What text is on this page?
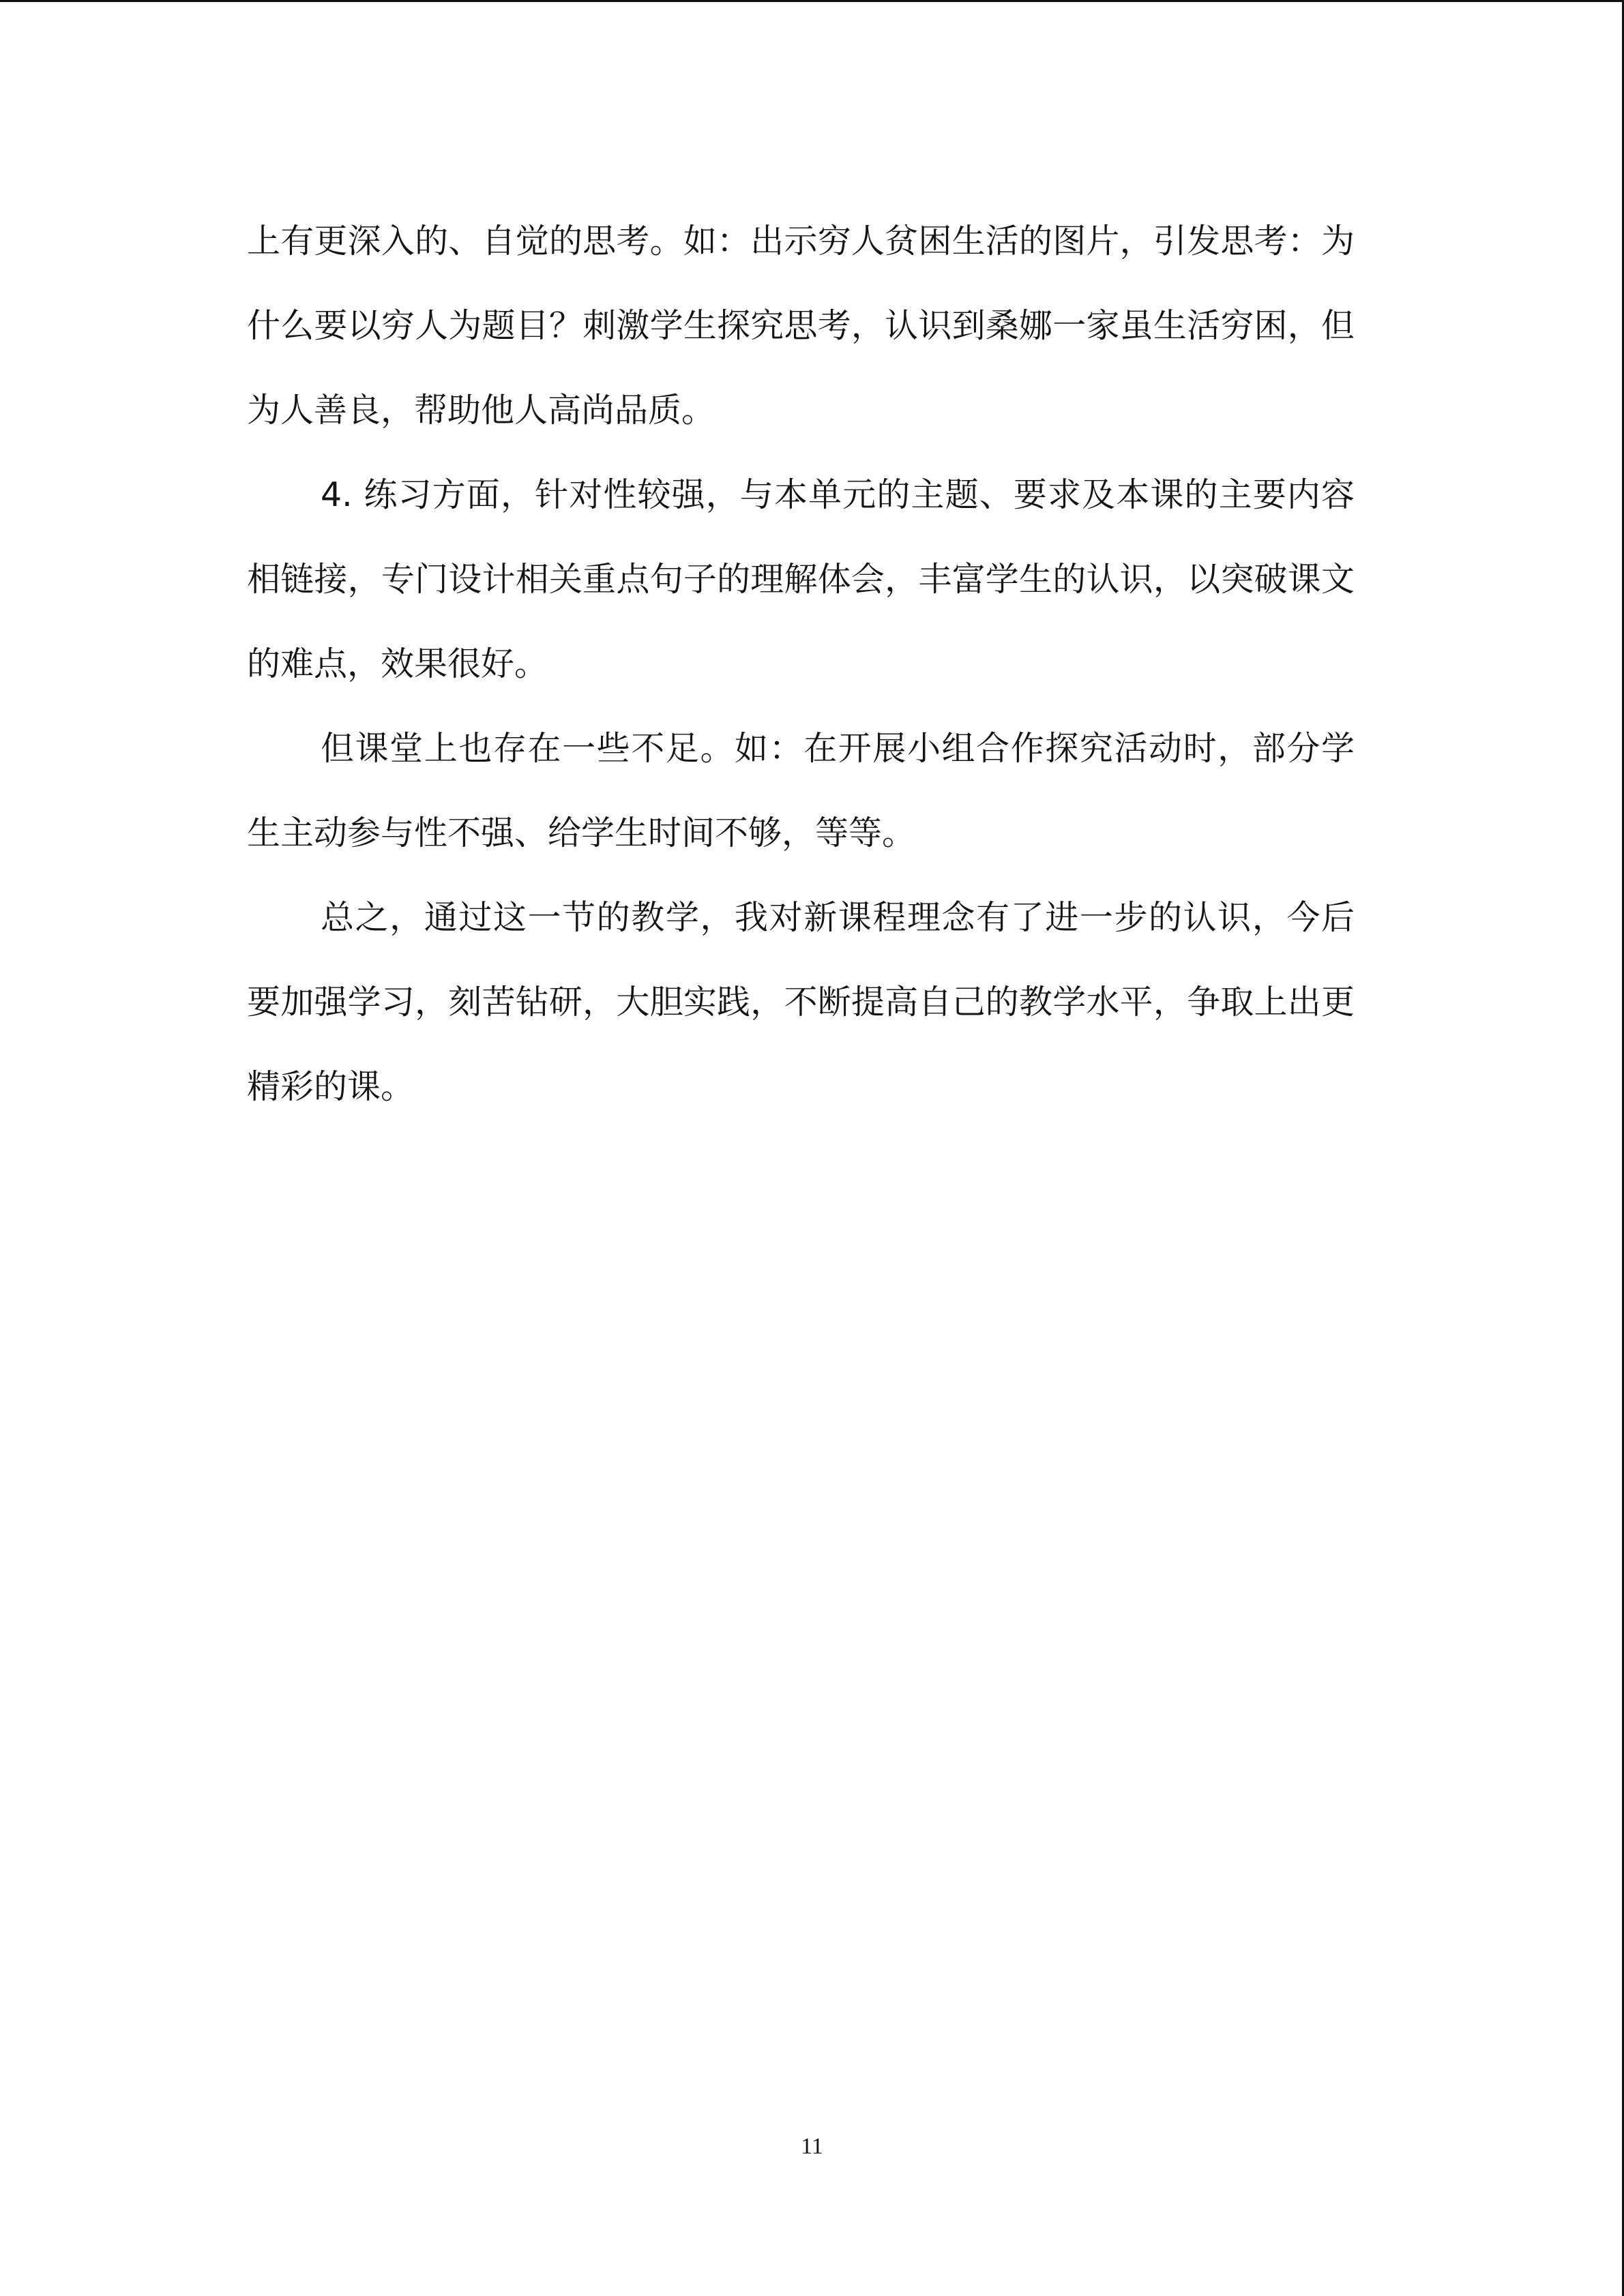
上有更深入的、自觉的思考。如：出示穷人贫困生活的图片，引发思考：为什么要以穷人为题目？刺激学生探究思考，认识到桑娜一家虽生活穷困，但为人善良，帮助他人高尚品质。

4. 练习方面，针对性较强，与本单元的主题、要求及本课的主要内容相链接，专门设计相关重点句子的理解体会，丰富学生的认识，以突破课文的难点，效果很好。

但课堂上也存在一些不足。如：在开展小组合作探究活动时，部分学生主动参与性不强、给学生时间不够，等等。

总之，通过这一节的教学，我对新课程理念有了进一步的认识，今后要加强学习，刻苦钻研，大胆实践，不断提高自己的教学水平，争取上出更精彩的课。

11
